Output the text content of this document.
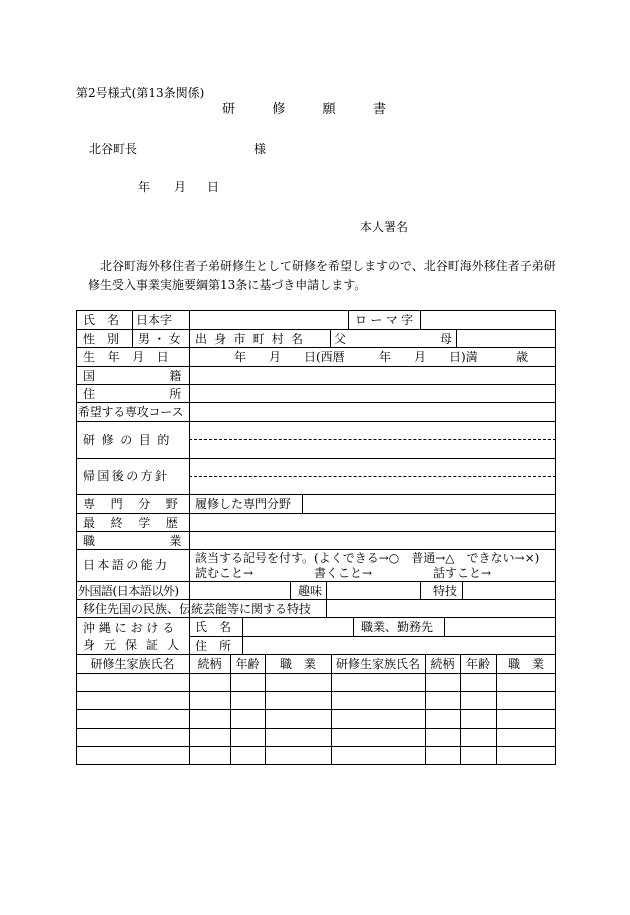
第2号様式(第13条関係)
研	修	願	書
北谷町長	様
年 月 日
本人署名
北谷町海外移住者子弟研修生として研修を希望しますので、北谷町海外移住者子弟研
修生受入事業実施要綱第13条に基づき申請します。
氏　名 日本字	ローマ字
性　別 男・女 出身市町村名 父	母
生年月日	年 月 日(西暦	年 月 日)満	歳
国籍
住所
希望する専攻コース
研修の目的
帰国後の方針
専門分野 履修した専門分野
最終学歴
職業
日本語の能力 該当する記号を付す。(よくできる→○　普通→△　できない→×)
読むこと→	書くこと→	話すこと→
外国語(日本語以外)	趣味	特技
移住先国の民族、伝統芸能等に関する特技
沖縄における
身元保証人
氏　名	職業、勤務先
住　所
研修生家族氏名	続柄	年齢	職　業	研修生家族氏名 続柄 年齢	職　業
